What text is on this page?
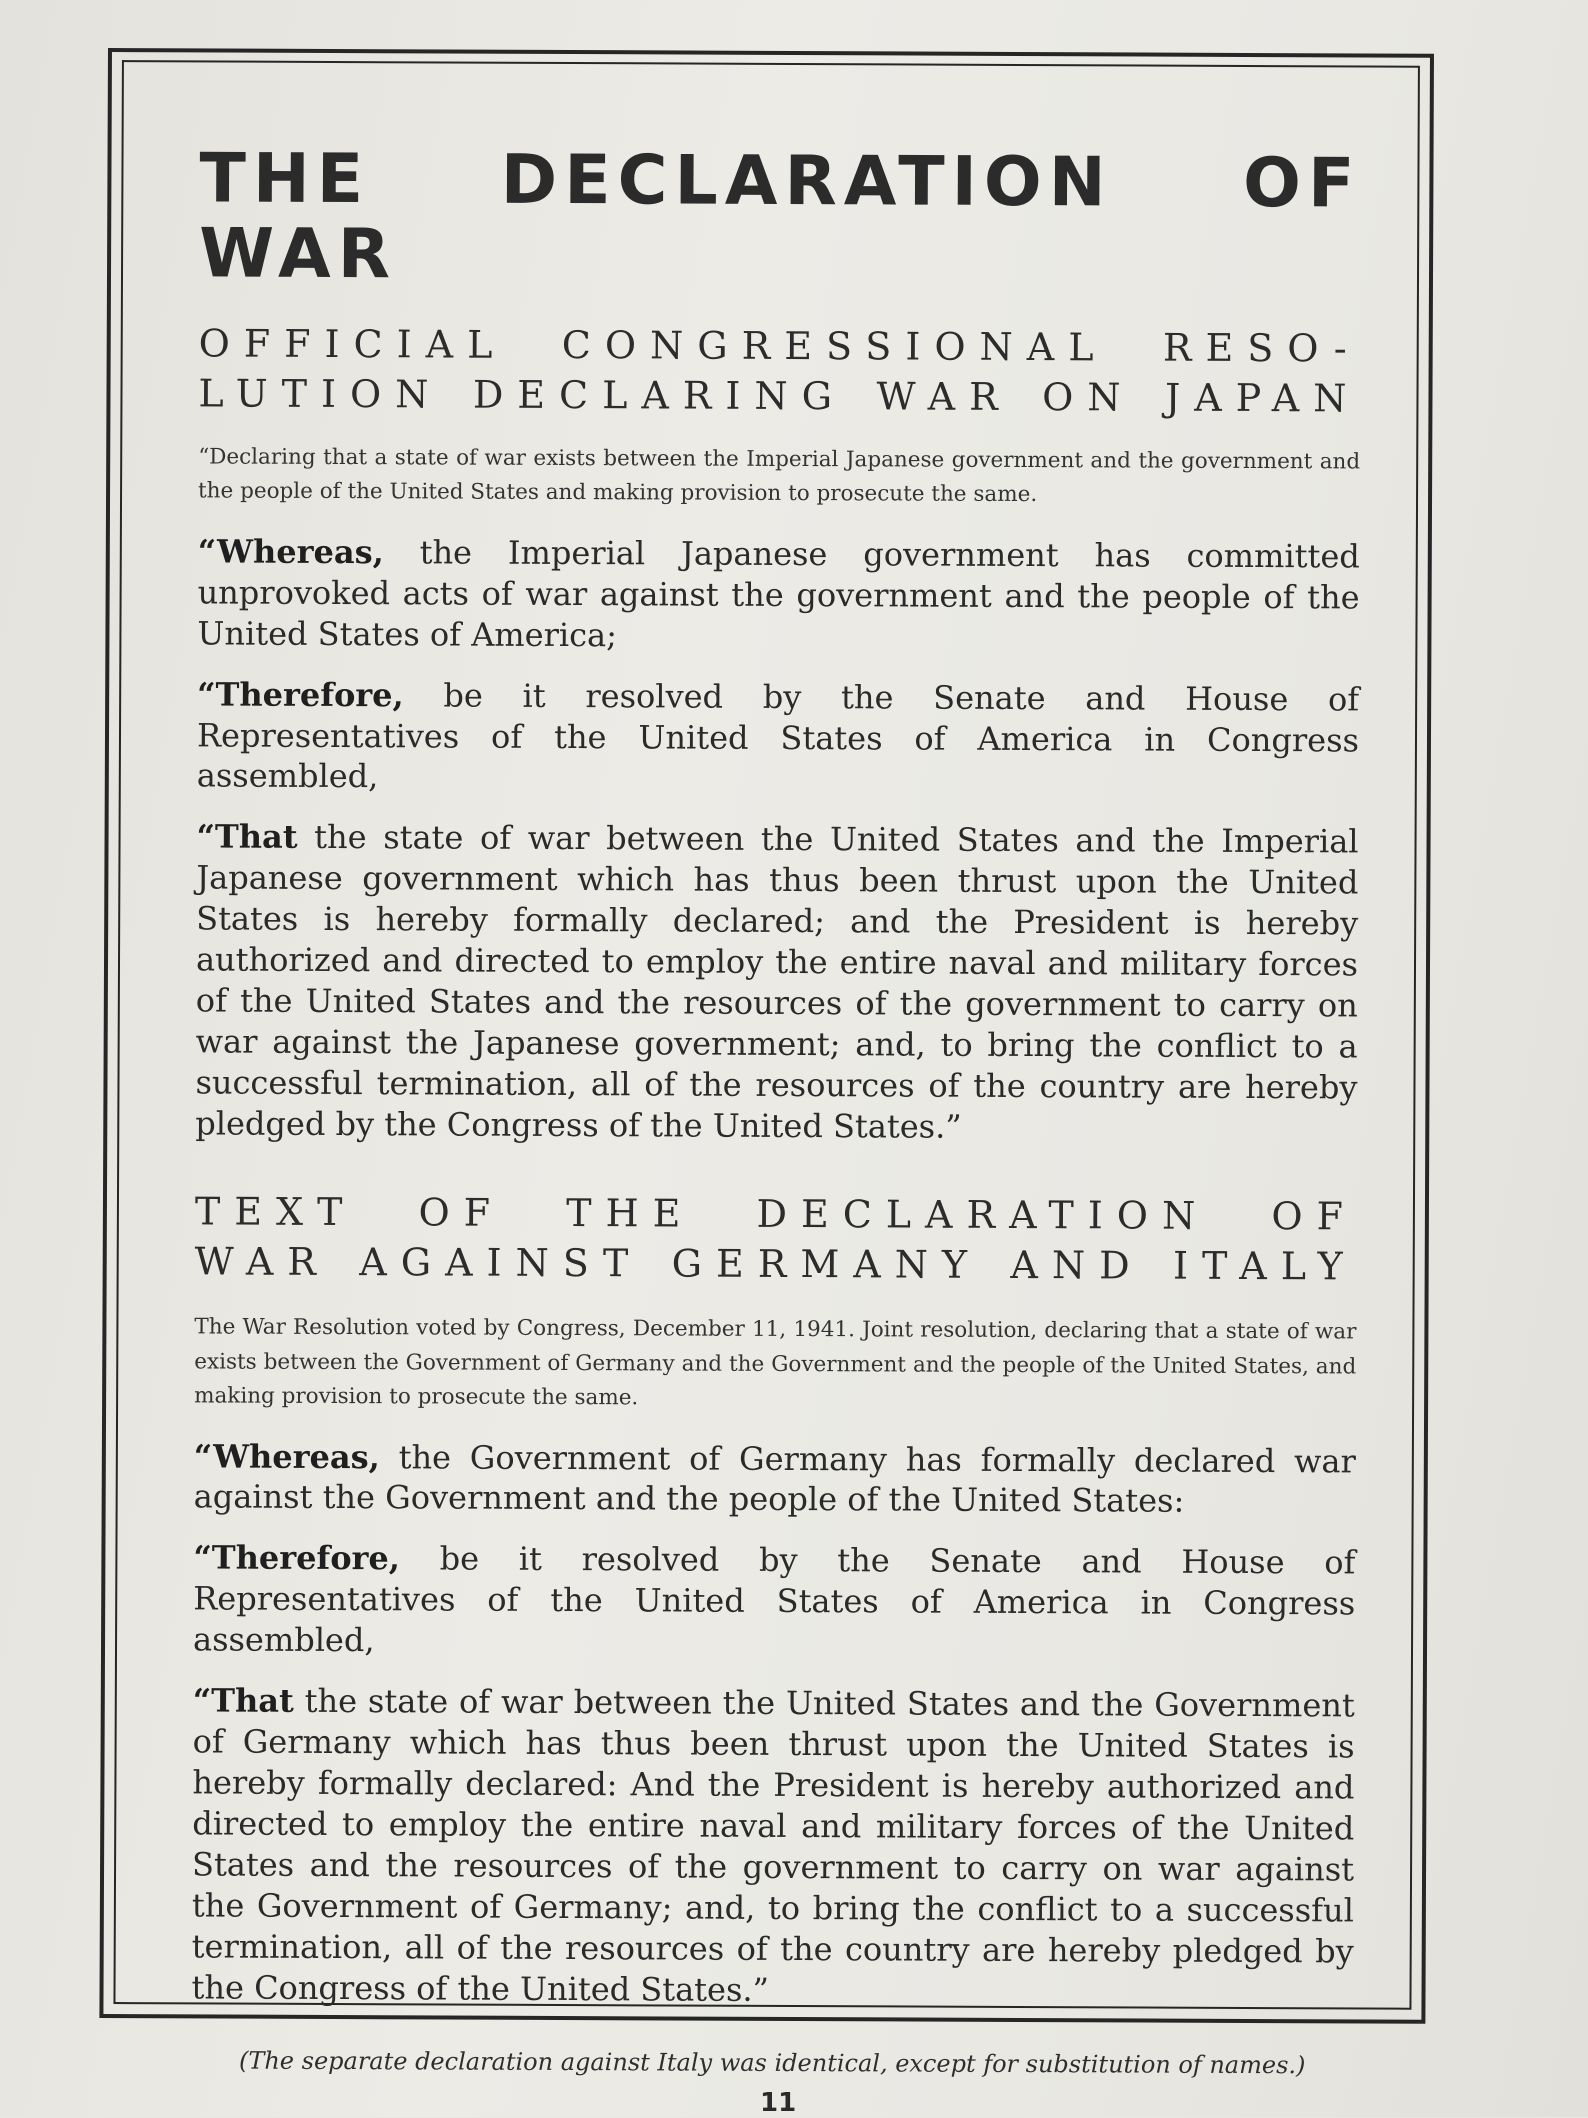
THE DECLARATION OF WAR
OFFICIAL CONGRESSIONAL RESO-
LUTION DECLARING WAR ON JAPAN

“Declaring that a state of war exists between the Imperial Japanese government and the government and the people of the United States and making provision to prosecute the same.

“Whereas, the Imperial Japanese government has committed unprovoked acts of war against the government and the people of the United States of America;

“Therefore, be it resolved by the Senate and House of Representatives of the United States of America in Congress assembled,

“That the state of war between the United States and the Imperial Japanese government which has thus been thrust upon the United States is hereby formally declared; and the President is hereby authorized and directed to employ the entire naval and military forces of the United States and the resources of the government to carry on war against the Japanese government; and, to bring the conflict to a successful termination, all of the resources of the country are hereby pledged by the Congress of the United States.”

TEXT OF THE DECLARATION OF
WAR AGAINST GERMANY AND ITALY

The War Resolution voted by Congress, December 11, 1941. Joint resolution, declaring that a state of war exists between the Government of Germany and the Government and the people of the United States, and making provision to prosecute the same.

“Whereas, the Government of Germany has formally declared war against the Government and the people of the United States:

“Therefore, be it resolved by the Senate and House of Representatives of the United States of America in Congress assembled,

“That the state of war between the United States and the Government of Germany which has thus been thrust upon the United States is hereby formally declared: And the President is hereby authorized and directed to employ the entire naval and military forces of the United States and the resources of the government to carry on war against the Government of Germany; and, to bring the conflict to a successful termination, all of the resources of the country are hereby pledged by the Congress of the United States.”

(The separate declaration against Italy was identical, except for substitution of names.)

11
